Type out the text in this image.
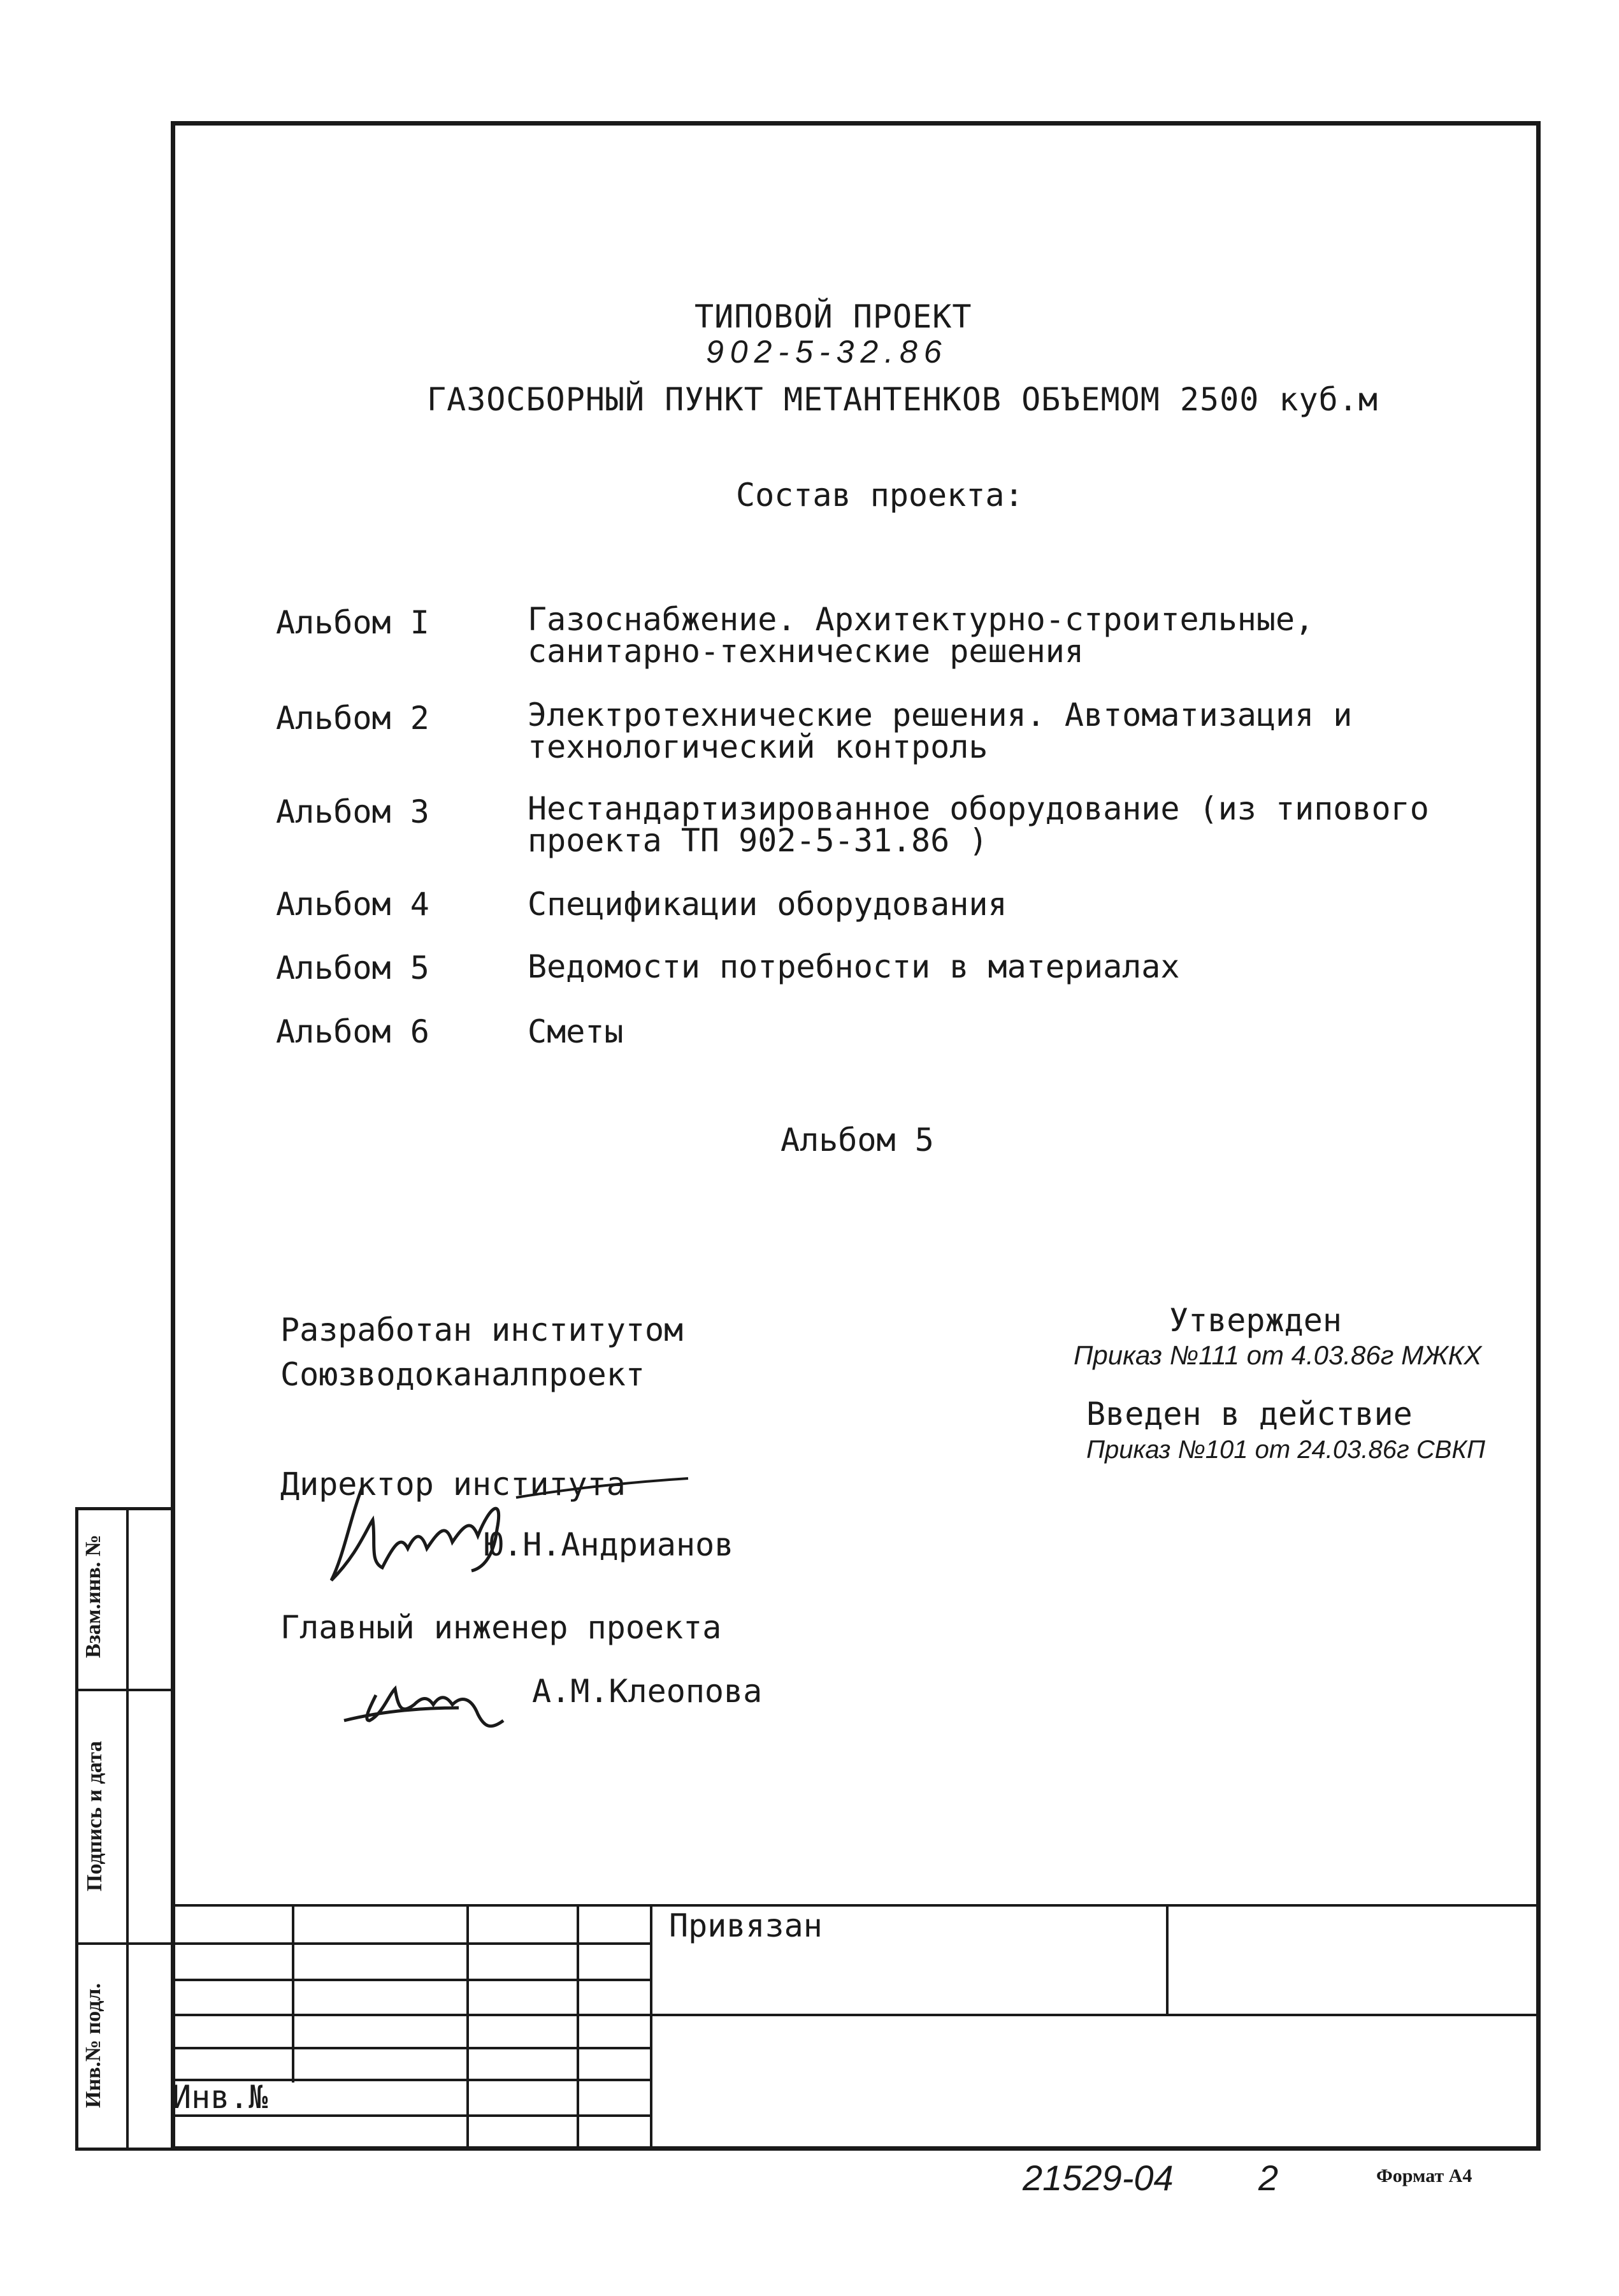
Взам.инв. №
Подпись и дата
Инв.№ подл.
ТИПОВОЙ ПРОЕКТ
902-5-32.86
ГАЗОСБОРНЫЙ ПУНКТ МЕТАНТЕНКОВ ОБЪЕМОМ 2500 куб.м
Состав проекта:
Альбом I	Газоснабжение. Архитектурно-строительные,
санитарно-технические решения
Альбом 2	Электротехнические решения. Автоматизация и
технологический контроль
Альбом 3	Нестандартизированное оборудование (из типового
проекта ТП 902-5-31.86 )
Альбом 4	Спецификации оборудования
Альбом 5	Ведомости потребности в материалах
Альбом 6	Сметы
Альбом 5
Разработан институтом
Союзводоканалпроект
Директор института
Ю.Н.Андрианов
Главный инженер проекта
А.М.Клеопова
Утвержден
Приказ №111 от 4.03.86г МЖКХ
Введен в действие
Приказ №101 от 24.03.86г СВКП
Привязан
Инв.№
21529-04 2	Формат А4
